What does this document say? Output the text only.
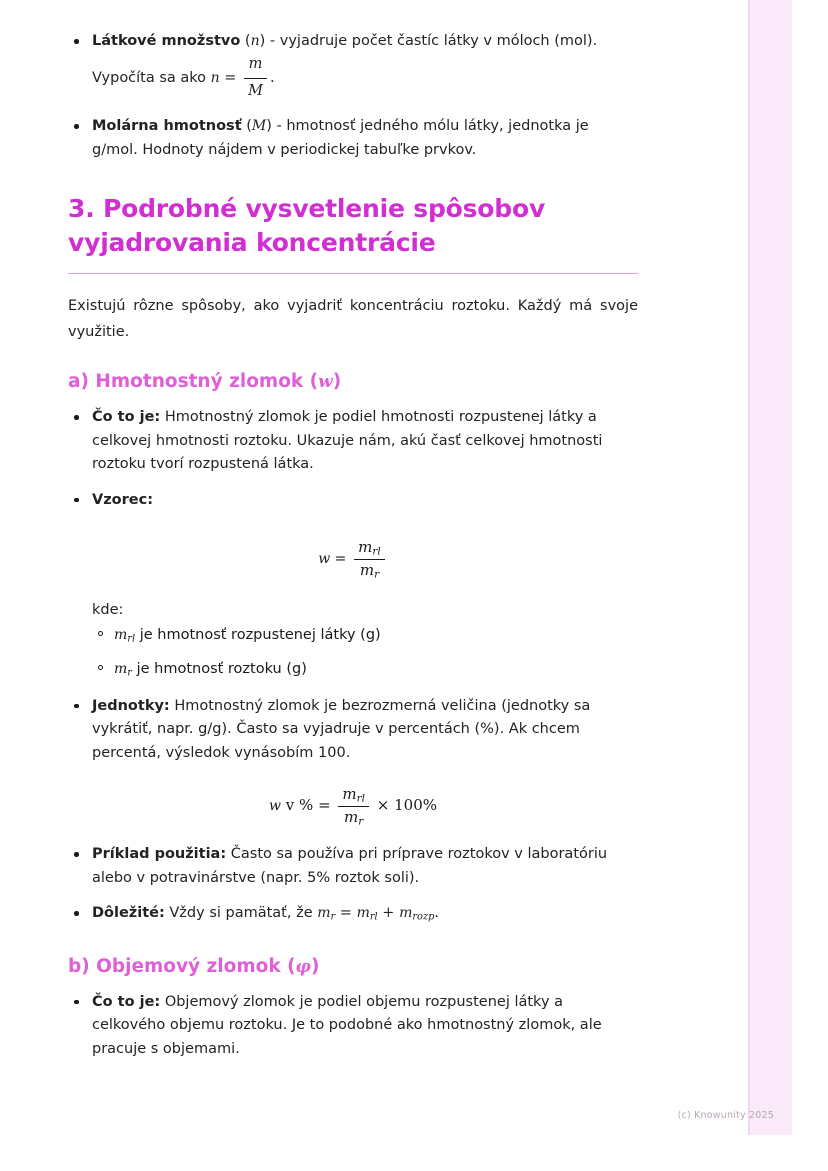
Látkové množstvo (n) - vyjadruje počet častíc látky v móloch (mol). Vypočíta sa ako $n = \frac{m}{M}$ .
Molárna hmotnosť (M) - hmotnosť jedného mólu látky, jednotka je g/mol. Hodnoty nájdem v periodickej tabuľke prvkov.
3. Podrobné vysvetlenie spôsobov vyjadrovania koncentrácie

Existujú rôzne spôsoby, ako vyjadriť koncentráciu roztoku. Každý má svoje využitie.

a) Hmotnostný zlomok (w)
Čo to je: Hmotnostný zlomok je podiel hmotnosti rozpustenej látky a celkovej hmotnosti roztoku. Ukazuje nám, akú časť celkovej hmotnosti roztoku tvorí rozpustená látka.
Vzorec:
$w = \frac{m_{rl}}{m_r}$
kde:
$m_{rl}$ je hmotnosť rozpustenej látky (g)
$m_r$ je hmotnosť roztoku (g)
Jednotky: Hmotnostný zlomok je bezrozmerná veličina (jednotky sa vykrátiť, napr. g/g). Často sa vyjadruje v percentách (%). Ak chcem percentá, výsledok vynásobím 100.
w v % = $\frac{m_{rl}}{m_r} \times 100\%$
Príklad použitia: Často sa používa pri príprave roztokov v laboratóriu alebo v potravinárstve (napr. 5% roztok soli).
Dôležité: Vždy si pamätať, že $m_r = m_{rl} + m_{rozp}$.
b) Objemový zlomok (φ)
Čo to je: Objemový zlomok je podiel objemu rozpustenej látky a celkového objemu roztoku. Je to podobné ako hmotnostný zlomok, ale pracuje s objemami.
(c) Knowunity 2025
